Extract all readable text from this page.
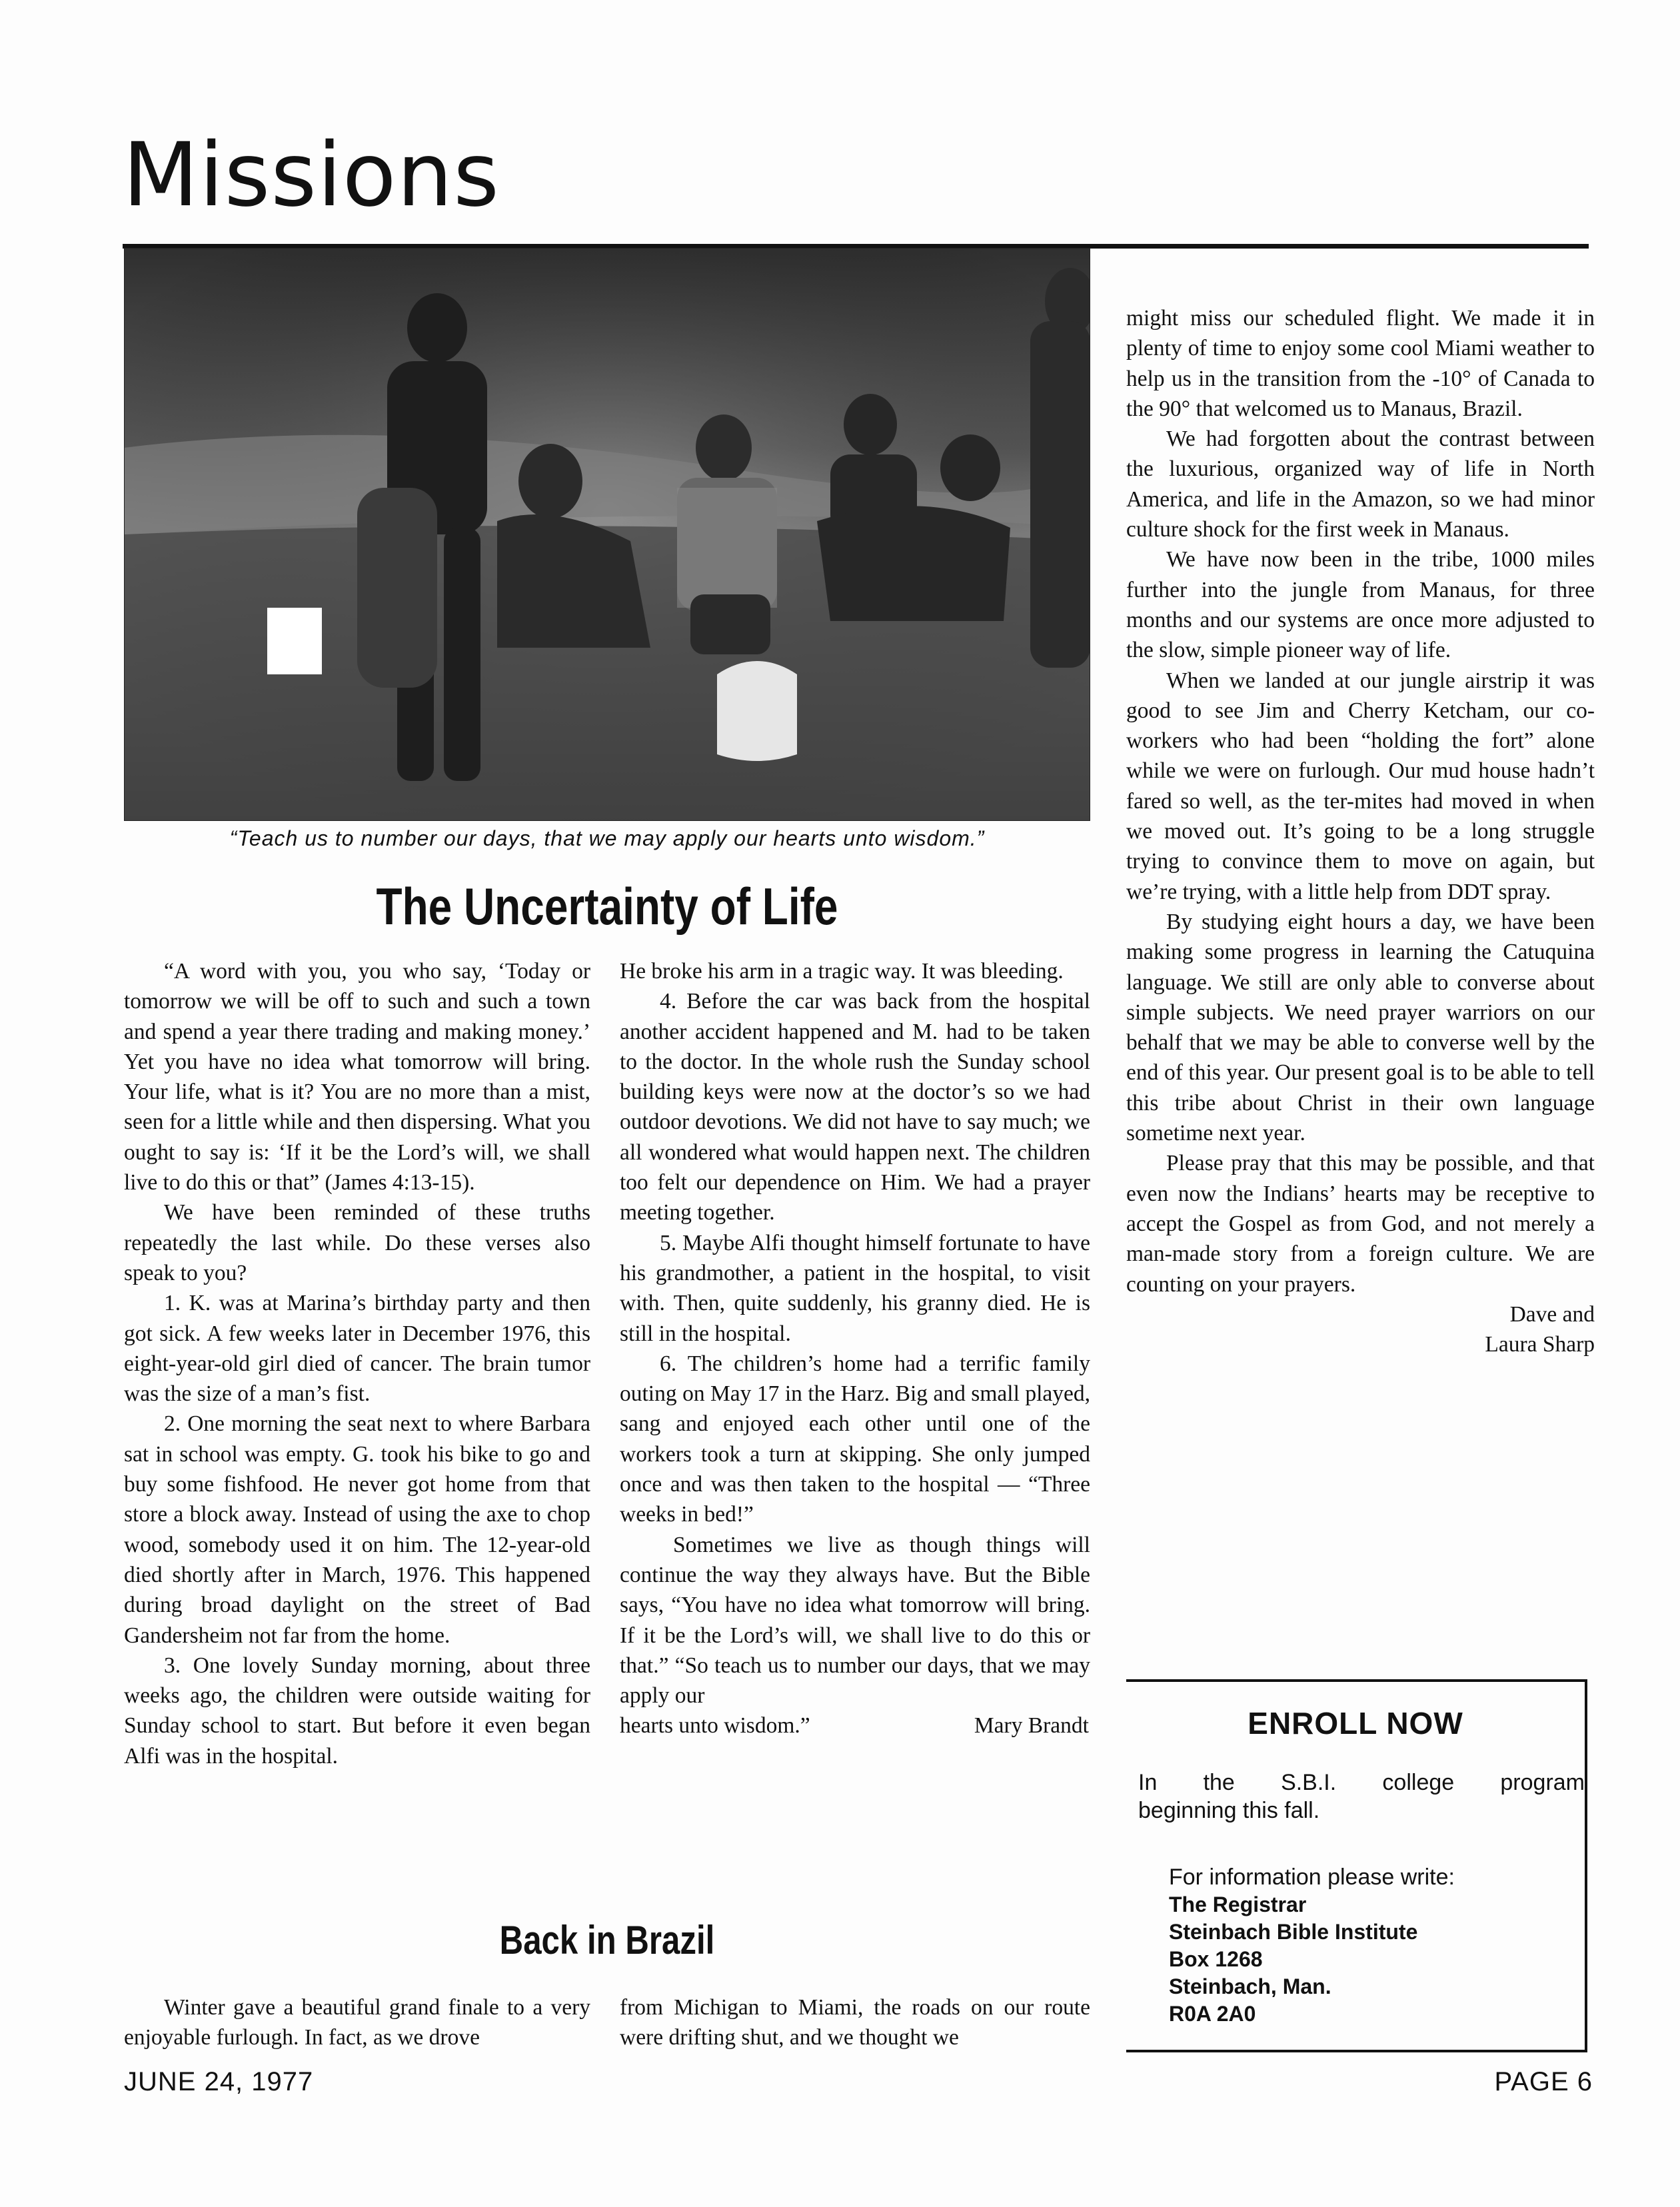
Missions
“Teach us to number our days, that we may apply our hearts unto wisdom.”
The Uncertainty of Life

“A word with you, you who say, ‘Today or tomorrow we will be off to such and such a town and spend a year there trading and making money.’ Yet you have no idea what tomorrow will bring. Your life, what is it? You are no more than a mist, seen for a little while and then dispersing. What you ought to say is: ‘If it be the Lord’s will, we shall live to do this or that” (James 4:13-15).

We have been reminded of these truths repeatedly the last while. Do these verses also speak to you?

1. K. was at Marina’s birthday party and then got sick. A few weeks later in December 1976, this eight-year-old girl died of cancer. The brain tumor was the size of a man’s fist.

2. One morning the seat next to where Barbara sat in school was empty. G. took his bike to go and buy some fishfood. He never got home from that store a block away. Instead of using the axe to chop wood, somebody used it on him. The 12-year-old died shortly after in March, 1976. This happened during broad daylight on the street of Bad Gandersheim not far from the home.

3. One lovely Sunday morning, about three weeks ago, the children were outside waiting for Sunday school to start. But before it even began Alfi was in the hospital.

He broke his arm in a tragic way. It was bleeding.

4. Before the car was back from the hospital another accident happened and M. had to be taken to the doctor. In the whole rush the Sunday school building keys were now at the doctor’s so we had outdoor devotions. We did not have to say much; we all wondered what would happen next. The children too felt our dependence on Him. We had a prayer meeting together.

5. Maybe Alfi thought himself fortunate to have his grandmother, a patient in the hospital, to visit with. Then, quite suddenly, his granny died. He is still in the hospital.

6. The children’s home had a terrific family outing on May 17 in the Harz. Big and small played, sang and enjoyed each other until one of the workers took a turn at skipping. She only jumped once and was then taken to the hospital — “Three weeks in bed!”

Sometimes we live as though things will continue the way they always have. But the Bible says, “You have no idea what tomorrow will bring. If it be the Lord’s will, we shall live to do this or that.” “So teach us to number our days, that we may apply our

hearts unto wisdom.”	Mary Brandt

Back in Brazil

Winter gave a beautiful grand finale to a very enjoyable furlough. In fact, as we drove

from Michigan to Miami, the roads on our route were drifting shut, and we thought we

might miss our scheduled flight. We made it in plenty of time to enjoy some cool Miami weather to help us in the transition from the -10° of Canada to the 90° that welcomed us to Manaus, Brazil.

We had forgotten about the contrast between the luxurious, organized way of life in North America, and life in the Amazon, so we had minor culture shock for the first week in Manaus.

We have now been in the tribe, 1000 miles further into the jungle from Manaus, for three months and our systems are once more adjusted to the slow, simple pioneer way of life.

When we landed at our jungle airstrip it was good to see Jim and Cherry Ketcham, our co-workers who had been “holding the fort” alone while we were on furlough. Our mud house hadn’t fared so well, as the ter-mites had moved in when we moved out. It’s going to be a long struggle trying to convince them to move on again, but we’re trying, with a little help from DDT spray.

By studying eight hours a day, we have been making some progress in learning the Catuquina language. We still are only able to converse about simple subjects. We need prayer warriors on our behalf that we may be able to converse well by the end of this year. Our present goal is to be able to tell this tribe about Christ in their own language sometime next year.

Please pray that this may be possible, and that even now the Indians’ hearts may be receptive to accept the Gospel as from God, and not merely a man-made story from a foreign culture. We are counting on your prayers.

Dave and

Laura Sharp

ENROLL NOW
In the S.B.I. college program
beginning this fall.
For information please write:
The Registrar
Steinbach Bible Institute
Box 1268
Steinbach, Man.
R0A 2A0
JUNE 24, 1977	PAGE 6
